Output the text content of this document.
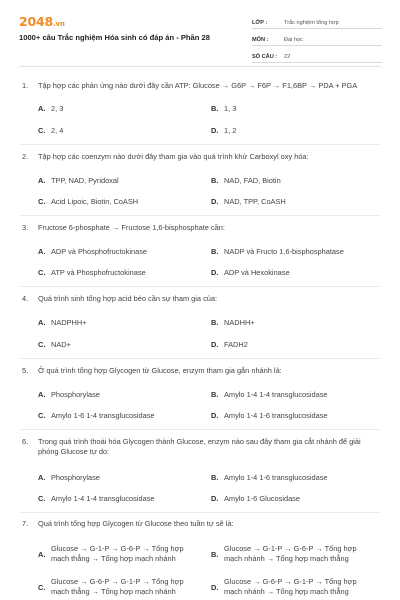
2048.vn
1000+ câu Trắc nghiệm Hóa sinh có đáp án - Phần 28
LỚP :	Trắc nghiệm tổng hợp
MÔN :	Đại học
SỐ CÂU :	22
1.	Tập hợp các phản ứng nào dưới đây cần ATP: Glucose → G6P → F6P → F1,6BP → PDA + PGA
A. 2, 3	B. 1, 3
C. 2, 4	D. 1, 2
2.	Tập hợp các coenzym nào dưới đây tham gia vào quá trình khử Carboxyl oxy hóa:
A. TPP, NAD, Pyridoxal	B. NAD, FAD, Biotin
C. Acid Lipoic, Biotin, CoASH	D. NAD, TPP, CoASH
3.	Fructose 6-phosphate → Fructose 1,6-bisphosphate cần:
A. ADP và Phosphofructokinase	B. NADP và Fructo 1,6-bisphosphatase
C. ATP và Phosphofructokinase	D. ADP và Hexokinase
4.	Quá trình sinh tổng hợp acid béo cần sự tham gia của:
A. NADPHH+	B. NADHH+
C. NAD+	D. FADH2
5.	Ở quá trình tổng hợp Glycogen từ Glucose, enzym tham gia gắn nhánh là:
A. Phosphorylase	B. Amylo 1-4 1-4 transglucosidase
C. Amylo 1-6 1-4 transglucosidase	D. Amylo 1-4 1-6 transglucosidase
6.	Trong quá trình thoái hóa Glycogen thành Glucose, enzym nào sau đây tham gia cắt nhánh để giải phóng Glucose tự do:
A. Phosphorylase	B. Amylo 1-4 1-6 transglucosidase
C. Amylo 1-4 1-4 transglucosidase	D. Amylo 1-6 Glucosidase
7.	Quá trình tổng hợp Glycogen từ Glucose theo tuần tự sẽ là:
A.
Glucose → G-1-P → G-6-P → Tổng hợp mạch thẳng → Tổng hợp mạch nhánh	B.
Glucose → G-1-P → G-6-P → Tổng hợp mạch nhánh → Tổng hợp mạch thẳng
C.
Glucose → G-6-P → G-1-P → Tổng hợp mạch thẳng → Tổng hợp mạch nhánh	D.
Glucose → G-6-P → G-1-P → Tổng hợp mạch nhánh → Tổng hợp mạch thẳng
